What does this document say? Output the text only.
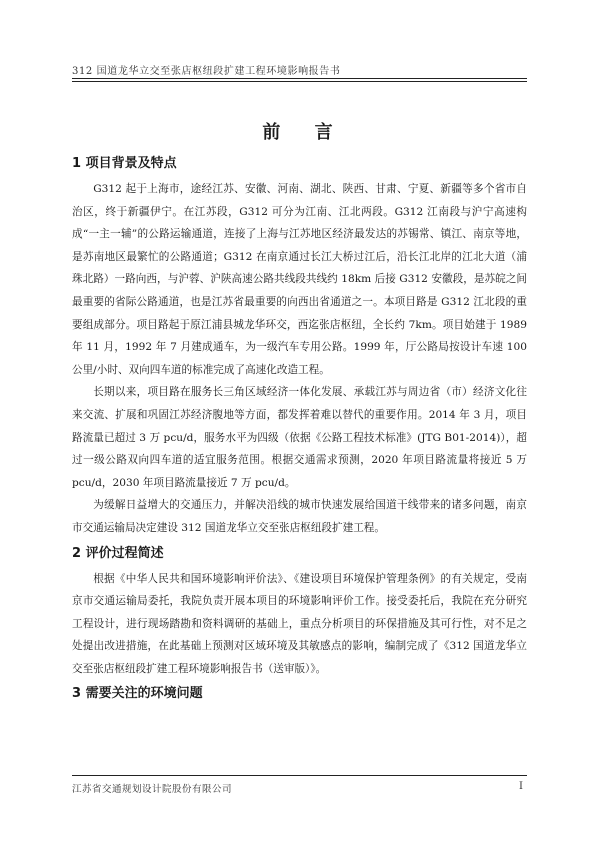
312 国道龙华立交至张店枢纽段扩建工程环境影响报告书
前 言
1 项目背景及特点

G312 起于上海市，途经江苏、安徽、河南、湖北、陕西、甘肃、宁夏、新疆等多个省市自治区，终于新疆伊宁。在江苏段，G312 可分为江南、江北两段。G312 江南段与沪宁高速构成“一主一辅”的公路运输通道，连接了上海与江苏地区经济最发达的苏锡常、镇江、南京等地，是苏南地区最繁忙的公路通道；G312 在南京通过长江大桥过江后，沿长江北岸的江北大道（浦珠北路）一路向西，与沪蓉、沪陕高速公路共线段共线约 18km 后接 G312 安徽段，是苏皖之间最重要的省际公路通道，也是江苏省最重要的向西出省通道之一。本项目路是 G312 江北段的重要组成部分。项目路起于原江浦县城龙华环交，西迄张店枢纽，全长约 7km。项目始建于 1989 年 11 月，1992 年 7 月建成通车，为一级汽车专用公路。1999 年，厅公路局按设计车速 100 公里/小时、双向四车道的标准完成了高速化改造工程。

长期以来，项目路在服务长三角区域经济一体化发展、承载江苏与周边省（市）经济文化往来交流、扩展和巩固江苏经济腹地等方面，都发挥着难以替代的重要作用。2014 年 3 月，项目路流量已超过 3 万 pcu/d，服务水平为四级（依据《公路工程技术标准》(JTG B01-2014)），超过一级公路双向四车道的适宜服务范围。根据交通需求预测，2020 年项目路流量将接近 5 万 pcu/d，2030 年项目路流量接近 7 万 pcu/d。

为缓解日益增大的交通压力，并解决沿线的城市快速发展给国道干线带来的诸多问题，南京市交通运输局决定建设 312 国道龙华立交至张店枢纽段扩建工程。

2 评价过程简述

根据《中华人民共和国环境影响评价法》、《建设项目环境保护管理条例》的有关规定，受南京市交通运输局委托，我院负责开展本项目的环境影响评价工作。接受委托后，我院在充分研究工程设计，进行现场踏勘和资料调研的基础上，重点分析项目的环保措施及其可行性，对不足之处提出改进措施，在此基础上预测对区域环境及其敏感点的影响，编制完成了《312 国道龙华立交至张店枢纽段扩建工程环境影响报告书（送审版）》。

3 需要关注的环境问题
江苏省交通规划设计院股份有限公司	I
